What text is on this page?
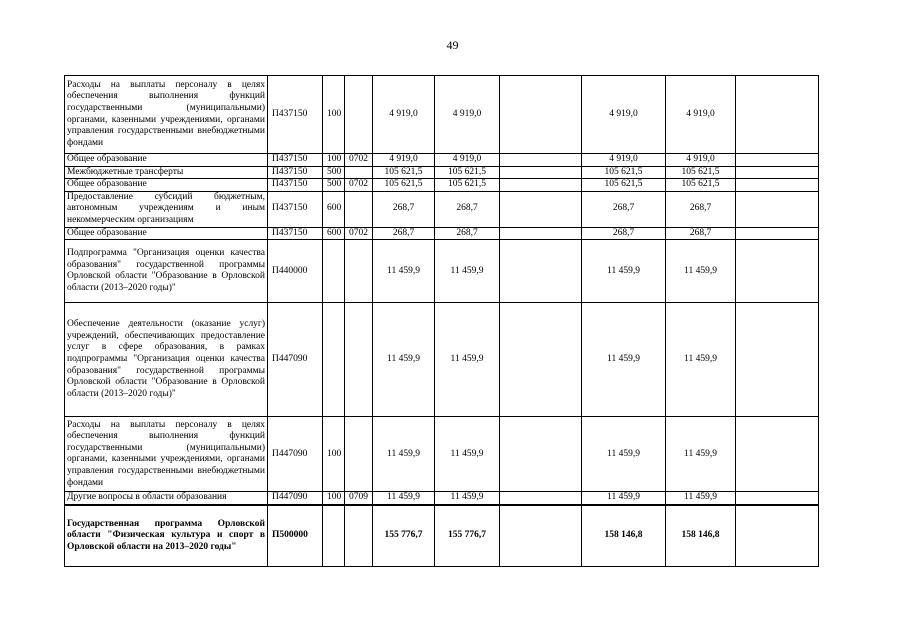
49
Расходы на выплаты персоналу в целях обеспечения выполнения функций государственными (муниципальными) органами, казенными учреждениями, органами управления государственными внебюджетными фондами	П437150	100		4 919,0	4 919,0		4 919,0	4 919,0	
Общее образование	П437150	100	0702	4 919,0	4 919,0		4 919,0	4 919,0	
Межбюджетные трансферты	П437150	500		105 621,5	105 621,5		105 621,5	105 621,5	
Общее образование	П437150	500	0702	105 621,5	105 621,5		105 621,5	105 621,5	
Предоставление субсидий бюджетным, автономным учреждениям и иным некоммерческим организациям	П437150	600		268,7	268,7		268,7	268,7	
Общее образование	П437150	600	0702	268,7	268,7		268,7	268,7	
Подпрограмма "Организация оценки качества образования" государственной программы Орловской области "Образование в Орловской области (2013–2020 годы)"	П440000			11 459,9	11 459,9		11 459,9	11 459,9	
Обеспечение деятельности (оказание услуг) учреждений, обеспечивающих предоставление услуг в сфере образования, в рамках подпрограммы "Организация оценки качества образования" государственной программы Орловской области "Образование в Орловской области (2013–2020 годы)"	П447090			11 459,9	11 459,9		11 459,9	11 459,9	
Расходы на выплаты персоналу в целях обеспечения выполнения функций государственными (муниципальными) органами, казенными учреждениями, органами управления государственными внебюджетными фондами	П447090	100		11 459,9	11 459,9		11 459,9	11 459,9	
Другие вопросы в области образования	П447090	100	0709	11 459,9	11 459,9		11 459,9	11 459,9	
Государственная программа Орловской области "Физическая культура и спорт в Орловской области на 2013–2020 годы"	П500000			155 776,7	155 776,7		158 146,8	158 146,8	
